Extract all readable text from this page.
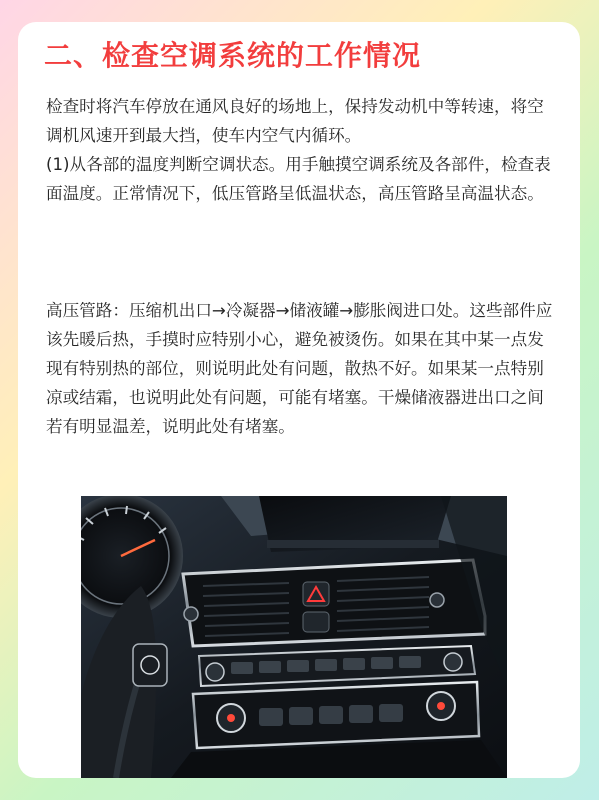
二、检查空调系统的工作情况

检查时将汽车停放在通风良好的场地上，保持发动机中等转速，将空调机风速开到最大挡，使车内空气内循环。

(1)从各部的温度判断空调状态。用手触摸空调系统及各部件，检查表面温度。正常情况下，低压管路呈低温状态，高压管路呈高温状态。

高压管路：压缩机出口→冷凝器→储液罐→膨胀阀进口处。这些部件应该先暖后热，手摸时应特别小心，避免被烫伤。如果在其中某一点发现有特别热的部位，则说明此处有问题，散热不好。如果某一点特别凉或结霜，也说明此处有问题，可能有堵塞。干燥储液器进出口之间若有明显温差，说明此处有堵塞。
